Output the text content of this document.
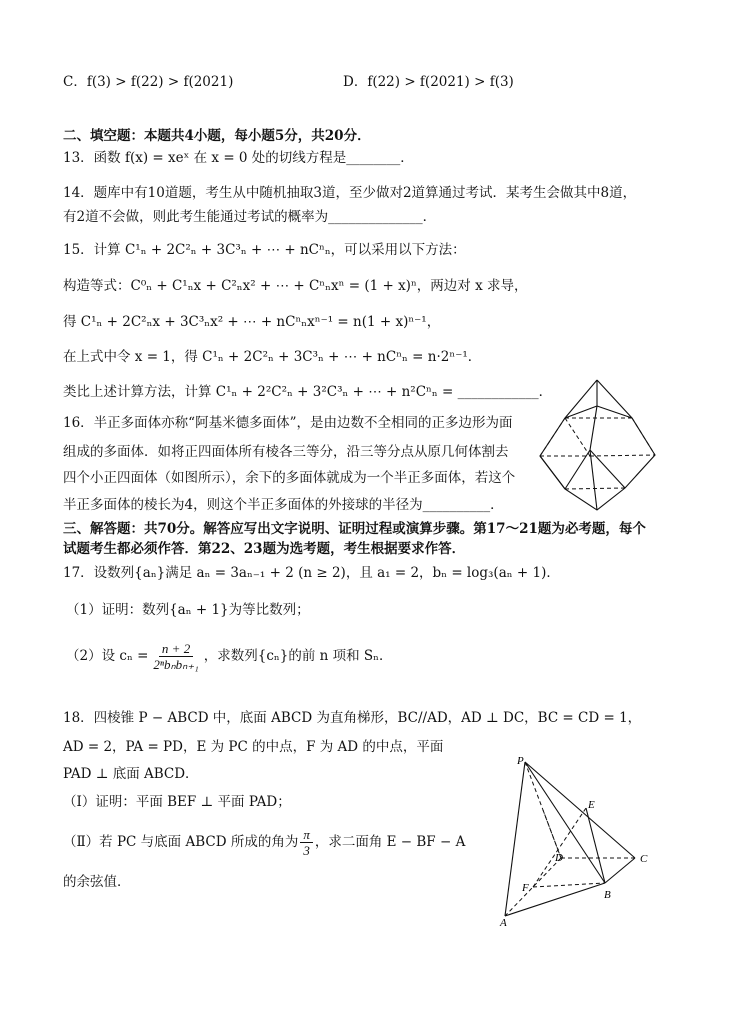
C．f(3) > f(22) > f(2021)	D．f(22) > f(2021) > f(3)
二、填空题：本题共4小题，每小题5分，共20分．
13．函数 f(x) = xeˣ 在 x = 0 处的切线方程是________．
14．题库中有10道题，考生从中随机抽取3道，至少做对2道算通过考试．某考生会做其中8道，
有2道不会做，则此考生能通过考试的概率为______________．
15．计算 C¹ₙ + 2C²ₙ + 3C³ₙ + ⋯ + nCⁿₙ，可以采用以下方法：
构造等式：C⁰ₙ + C¹ₙx + C²ₙx² + ⋯ + Cⁿₙxⁿ = (1 + x)ⁿ，两边对 x 求导，
得 C¹ₙ + 2C²ₙx + 3C³ₙx² + ⋯ + nCⁿₙxⁿ⁻¹ = n(1 + x)ⁿ⁻¹，
在上式中令 x = 1，得 C¹ₙ + 2C²ₙ + 3C³ₙ + ⋯ + nCⁿₙ = n·2ⁿ⁻¹．
类比上述计算方法，计算 C¹ₙ + 2²C²ₙ + 3²C³ₙ + ⋯ + n²Cⁿₙ = ____________．
16．半正多面体亦称“阿基米德多面体”，是由边数不全相同的正多边形为面
组成的多面体．如将正四面体所有棱各三等分，沿三等分点从原几何体割去
四个小正四面体（如图所示），余下的多面体就成为一个半正多面体，若这个
半正多面体的棱长为4，则这个半正多面体的外接球的半径为__________．
三、解答题：共70分。解答应写出文字说明、证明过程或演算步骤。第17～21题为必考题，每个
试题考生都必须作答．第22、23题为选考题，考生根据要求作答．
17．设数列{aₙ}满足 aₙ = 3aₙ₋₁ + 2 (n ≥ 2)，且 a₁ = 2，bₙ = log₃(aₙ + 1)．
（1）证明：数列{aₙ + 1}为等比数列；
（2）设 $c_n = \frac{n + 2}{\text{2ⁿbₙbₙ₊₁}}$ ，求数列{cₙ}的前 n 项和 Sₙ．
18．四棱锥 P − ABCD 中，底面 ABCD 为直角梯形，BC//AD，AD ⊥ DC，BC = CD = 1，
AD = 2，PA = PD，E 为 PC 的中点，F 为 AD 的中点，平面
PAD ⊥ 底面 ABCD．
（Ⅰ）证明：平面 BEF ⊥ 平面 PAD；
（Ⅱ）若 PC 与底面 ABCD 所成的角为 $\frac{\pi}{3}$ ，求二面角 E − BF − A
的余弦值．
P
E
D	C
F
B
A
